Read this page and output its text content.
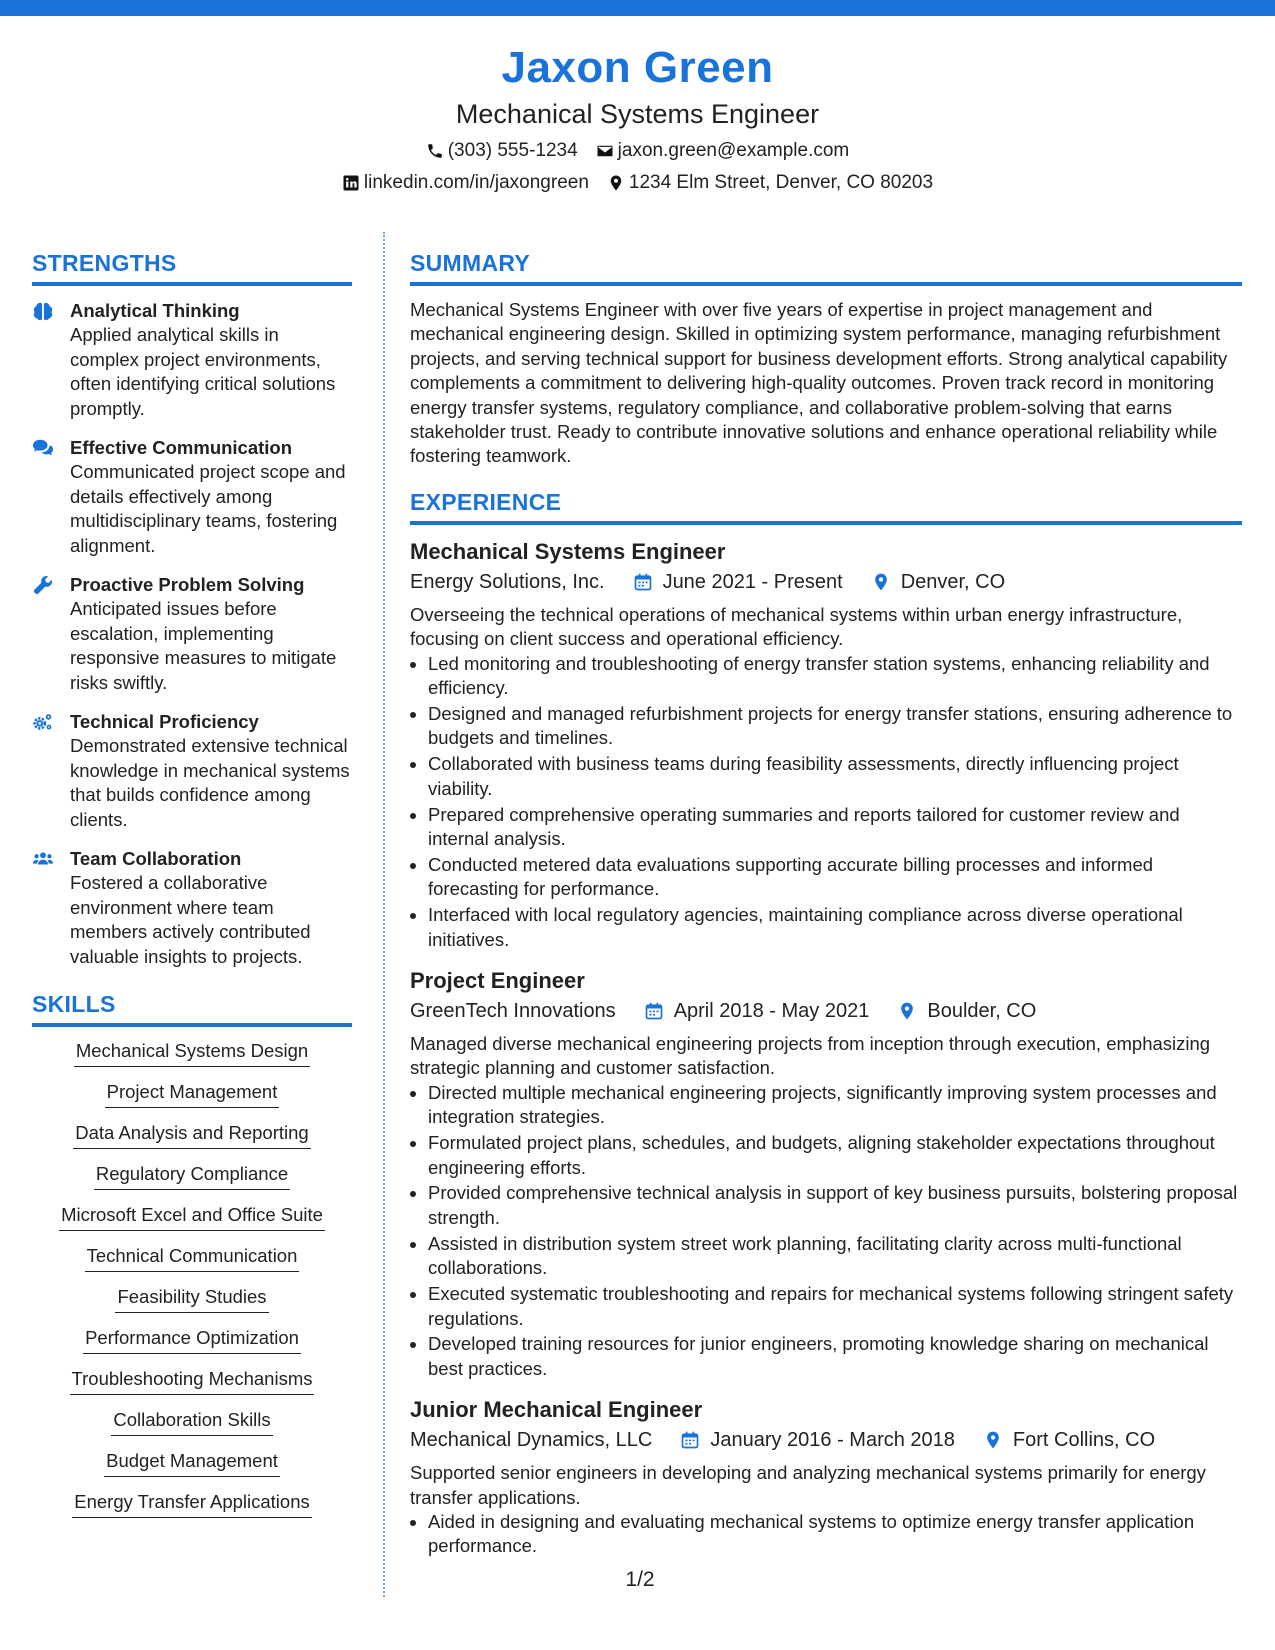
Jaxon Green
Mechanical Systems Engineer
(303) 555-1234 jaxon.green@example.com
linkedin.com/in/jaxongreen 1234 Elm Street, Denver, CO 80203
STRENGTHS
Analytical Thinking
Applied analytical skills in complex project environments, often identifying critical solutions promptly.
Effective Communication
Communicated project scope and details effectively among multidisciplinary teams, fostering alignment.
Proactive Problem Solving
Anticipated issues before escalation, implementing responsive measures to mitigate risks swiftly.
Technical Proficiency
Demonstrated extensive technical knowledge in mechanical systems that builds confidence among clients.
Team Collaboration
Fostered a collaborative environment where team members actively contributed valuable insights to projects.
SKILLS
Mechanical Systems Design
Project Management
Data Analysis and Reporting
Regulatory Compliance
Microsoft Excel and Office Suite
Technical Communication
Feasibility Studies
Performance Optimization
Troubleshooting Mechanisms
Collaboration Skills
Budget Management
Energy Transfer Applications
SUMMARY

Mechanical Systems Engineer with over five years of expertise in project management and mechanical engineering design. Skilled in optimizing system performance, managing refurbishment projects, and serving technical support for business development efforts. Strong analytical capability complements a commitment to delivering high-quality outcomes. Proven track record in monitoring energy transfer systems, regulatory compliance, and collaborative problem-solving that earns stakeholder trust. Ready to contribute innovative solutions and enhance operational reliability while fostering teamwork.

EXPERIENCE
Mechanical Systems Engineer
Energy Solutions, Inc.	June 2021 - Present	Denver, CO
Overseeing the technical operations of mechanical systems within urban energy infrastructure, focusing on client success and operational efficiency.
• Led monitoring and troubleshooting of energy transfer station systems, enhancing reliability and efficiency.
• Designed and managed refurbishment projects for energy transfer stations, ensuring adherence to budgets and timelines.
• Collaborated with business teams during feasibility assessments, directly influencing project viability.
• Prepared comprehensive operating summaries and reports tailored for customer review and internal analysis.
• Conducted metered data evaluations supporting accurate billing processes and informed forecasting for performance.
• Interfaced with local regulatory agencies, maintaining compliance across diverse operational initiatives.
Project Engineer
GreenTech Innovations	April 2018 - May 2021	Boulder, CO
Managed diverse mechanical engineering projects from inception through execution, emphasizing strategic planning and customer satisfaction.
• Directed multiple mechanical engineering projects, significantly improving system processes and integration strategies.
• Formulated project plans, schedules, and budgets, aligning stakeholder expectations throughout engineering efforts.
• Provided comprehensive technical analysis in support of key business pursuits, bolstering proposal strength.
• Assisted in distribution system street work planning, facilitating clarity across multi-functional collaborations.
• Executed systematic troubleshooting and repairs for mechanical systems following stringent safety regulations.
• Developed training resources for junior engineers, promoting knowledge sharing on mechanical best practices.
Junior Mechanical Engineer
Mechanical Dynamics, LLC	January 2016 - March 2018	Fort Collins, CO
Supported senior engineers in developing and analyzing mechanical systems primarily for energy transfer applications.
• Aided in designing and evaluating mechanical systems to optimize energy transfer application performance.
1/2
